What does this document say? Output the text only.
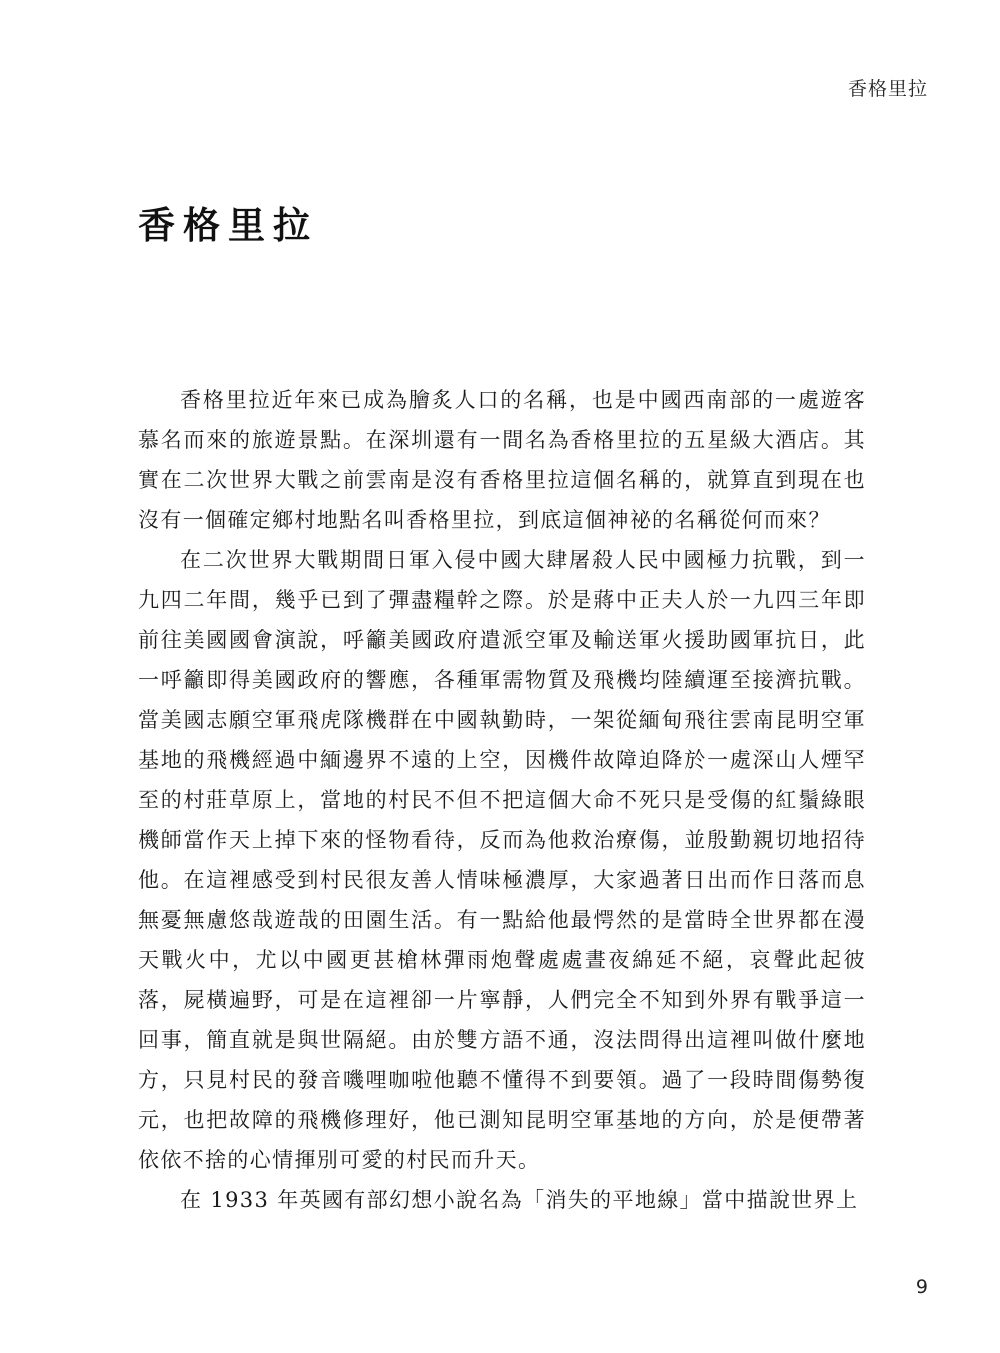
香格里拉
香格里拉

香格里拉近年來已成為膾炙人口的名稱，也是中國西南部的一處遊客慕名而來的旅遊景點。在深圳還有一間名為香格里拉的五星級大酒店。其實在二次世界大戰之前雲南是沒有香格里拉這個名稱的，就算直到現在也沒有一個確定鄉村地點名叫香格里拉，到底這個神祕的名稱從何而來？

在二次世界大戰期間日軍入侵中國大肆屠殺人民中國極力抗戰，到一九四二年間，幾乎已到了彈盡糧幹之際。於是蔣中正夫人於一九四三年即前往美國國會演說，呼籲美國政府遣派空軍及輸送軍火援助國軍抗日，此一呼籲即得美國政府的響應，各種軍需物質及飛機均陸續運至接濟抗戰。當美國志願空軍飛虎隊機群在中國執勤時，一架從緬甸飛往雲南昆明空軍基地的飛機經過中緬邊界不遠的上空，因機件故障迫降於一處深山人煙罕至的村莊草原上，當地的村民不但不把這個大命不死只是受傷的紅鬚綠眼機師當作天上掉下來的怪物看待，反而為他救治療傷，並殷勤親切地招待他。在這裡感受到村民很友善人情味極濃厚，大家過著日出而作日落而息無憂無慮悠哉遊哉的田園生活。有一點給他最愕然的是當時全世界都在漫天戰火中，尤以中國更甚槍林彈雨炮聲處處晝夜綿延不絕，哀聲此起彼落，屍橫遍野，可是在這裡卻一片寧靜，人們完全不知到外界有戰爭這一回事，簡直就是與世隔絕。由於雙方語不通，沒法問得出這裡叫做什麼地方，只見村民的發音嘰哩咖啦他聽不懂得不到要領。過了一段時間傷勢復元，也把故障的飛機修理好，他已測知昆明空軍基地的方向，於是便帶著依依不捨的心情揮別可愛的村民而升天。

在 1933 年英國有部幻想小說名為「消失的平地線」當中描說世界上

9
